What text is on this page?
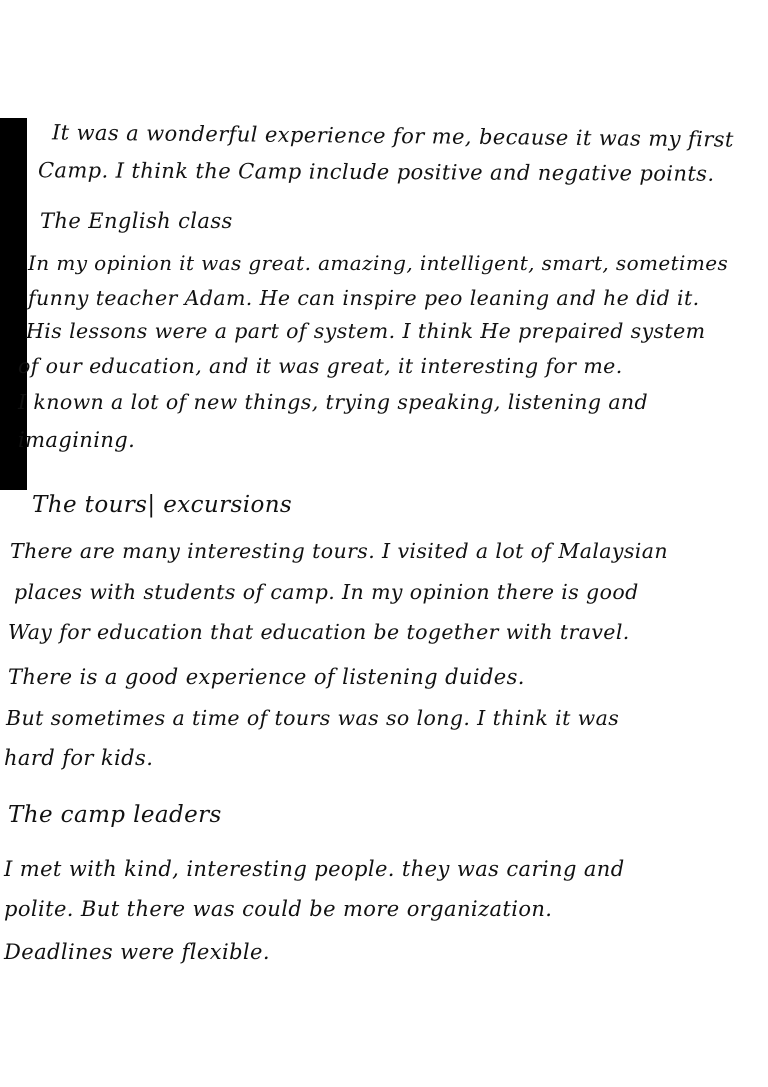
It was a wonderful experience for me, because it was my first
Camp. I think the Camp include positive and negative points.
The English class
In my opinion it was great. amazing, intelligent, smart, sometimes
funny teacher Adam. He can inspire peo leaning and he did it.
His lessons were a part of system. I think He prepaired system
of our education, and it was great, it interesting for me.
I known a lot of new things, trying speaking, listening and
imagining.
The tours| excursions
There are many interesting tours. I visited a lot of Malaysian
places with students of camp. In my opinion there is good
Way for education that education be together with travel.
There is a good experience of listening duides.
But sometimes a time of tours was so long. I think it was
hard for kids.
The camp leaders
I met with kind, interesting people. they was caring and
polite. But there was could be more organization.
Deadlines were flexible.
